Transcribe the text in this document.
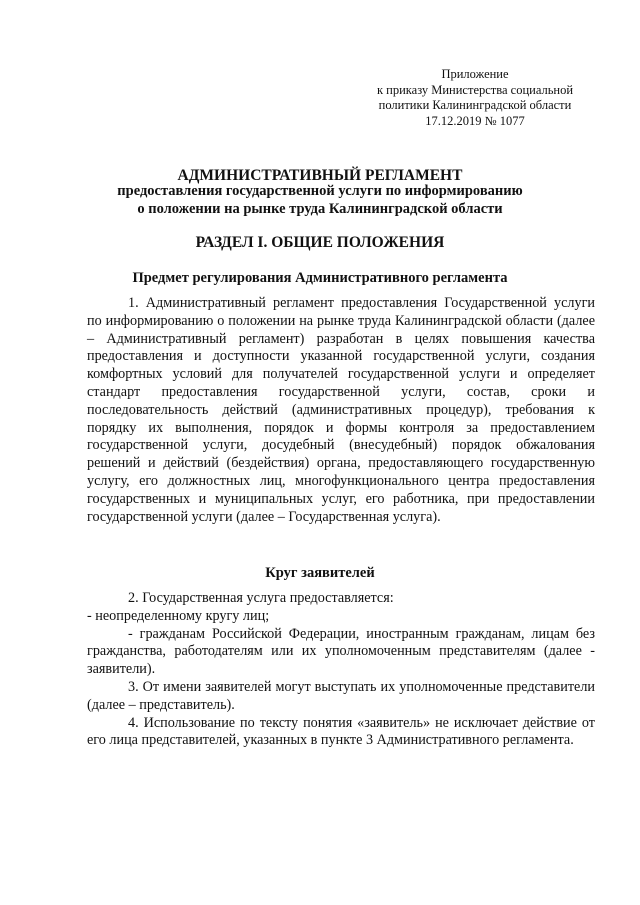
Приложение
к приказу Министерства социальной
политики Калининградской области
17.12.2019 № 1077
АДМИНИСТРАТИВНЫЙ РЕГЛАМЕНТ
предоставления государственной услуги по информированию
о положении на рынке труда Калининградской области
РАЗДЕЛ I. ОБЩИЕ ПОЛОЖЕНИЯ
Предмет регулирования Административного регламента
1. Административный регламент предоставления Государственной услуги по информированию о положении на рынке труда Калининградской области (далее – Административный регламент) разработан в целях повышения качества предоставления и доступности указанной государственной услуги, создания комфортных условий для получателей государственной услуги и определяет стандарт предоставления государственной услуги, состав, сроки и последовательность действий (административных процедур), требования к порядку их выполнения, порядок и формы контроля за предоставлением государственной услуги, досудебный (внесудебный) порядок обжалования решений и действий (бездействия) органа, предоставляющего государственную услугу, его должностных лиц, многофункционального центра предоставления государственных и муниципальных услуг, его работника, при предоставлении государственной услуги (далее – Государственная услуга).
Круг заявителей
2. Государственная услуга предоставляется:
- неопределенному кругу лиц;
- гражданам Российской Федерации, иностранным гражданам, лицам без гражданства, работодателям или их уполномоченным представителям (далее - заявители).
3. От имени заявителей могут выступать их уполномоченные представители (далее – представитель).
4. Использование по тексту понятия «заявитель» не исключает действие от его лица представителей, указанных в пункте 3 Административного регламента.
